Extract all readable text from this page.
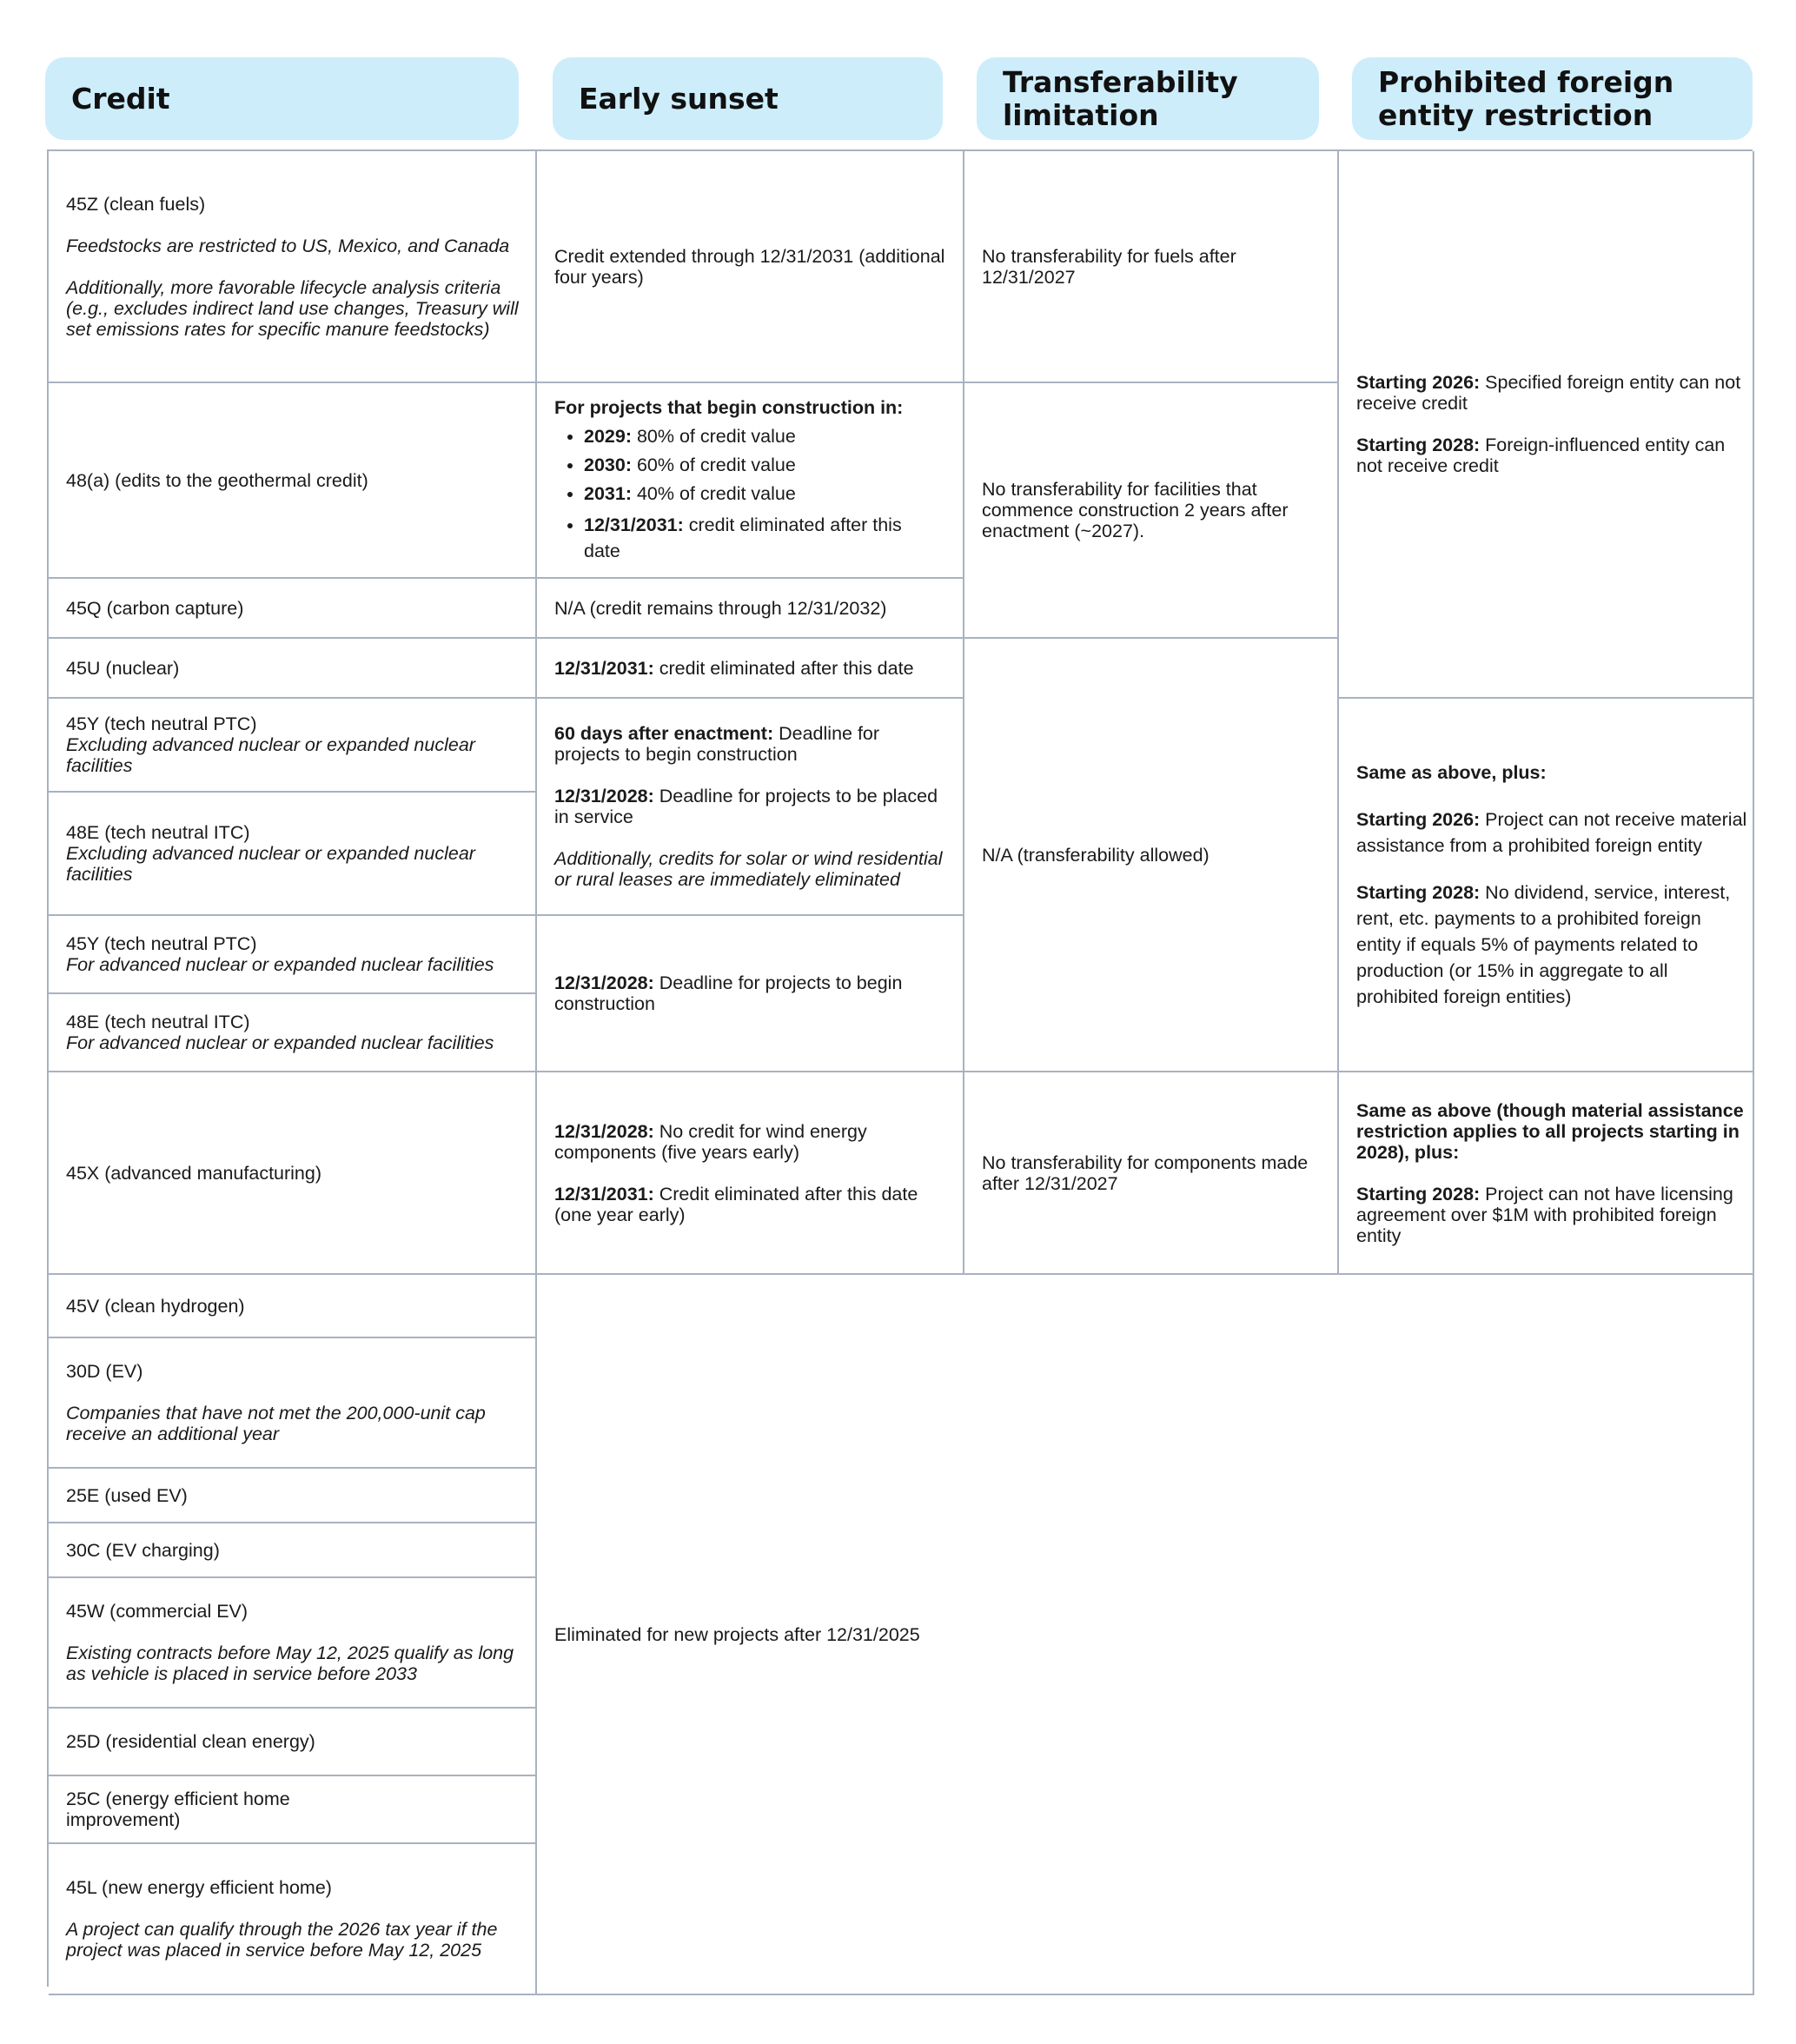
Credit	Early sunset	Transferability
limitation
Prohibited foreign
entity restriction

45Z (clean fuels)

Feedstocks are restricted to US, Mexico, and Canada

Additionally, more favorable lifecycle analysis criteria (e.g., excludes indirect land use changes, Treasury will set emissions rates for specific manure feedstocks)

48(a) (edits to the geothermal credit)

45Q (carbon capture)

45U (nuclear)

45Y (tech neutral PTC)
Excluding advanced nuclear or expanded nuclear facilities
48E (tech neutral ITC)
Excluding advanced nuclear or expanded nuclear facilities
45Y (tech neutral PTC)
For advanced nuclear or expanded nuclear facilities
48E (tech neutral ITC)
For advanced nuclear or expanded nuclear facilities

45X (advanced manufacturing)

45V (clean hydrogen)

30D (EV)

Companies that have not met the 200,000-unit cap receive an additional year

25E (used EV)

30C (EV charging)

45W (commercial EV)

Existing contracts before May 12, 2025 qualify as long as vehicle is placed in service before 2033

25D (residential clean energy)

25C (energy efficient home improvement)

45L (new energy efficient home)

A project can qualify through the 2026 tax year if the project was placed in service before May 12, 2025

Credit extended through 12/31/2031 (additional four years)

For projects that begin construction in:

• 2029: 80% of credit value
• 2030: 60% of credit value
• 2031: 40% of credit value
• 12/31/2031: credit eliminated after this date

N/A (credit remains through 12/31/2032)

12/31/2031: credit eliminated after this date

60 days after enactment: Deadline for projects to begin construction

12/31/2028: Deadline for projects to be placed in service

Additionally, credits for solar or wind residential or rural leases are immediately eliminated

12/31/2028: Deadline for projects to begin construction

12/31/2028: No credit for wind energy components (five years early)

12/31/2031: Credit eliminated after this date (one year early)

Eliminated for new projects after 12/31/2025

No transferability for fuels after 12/31/2027

No transferability for facilities that commence construction 2 years after enactment (~2027).

N/A (transferability allowed)

No transferability for components made after 12/31/2027

Starting 2026: Specified foreign entity can not receive credit

Starting 2028: Foreign-influenced entity can not receive credit

Same as above, plus:

Starting 2026: Project can not receive material assistance from a prohibited foreign entity

Starting 2028: No dividend, service, interest, rent, etc. payments to a prohibited foreign entity if equals 5% of payments related to production (or 15% in aggregate to all prohibited foreign entities)

Same as above (though material assistance restriction applies to all projects starting in 2028), plus:

Starting 2028: Project can not have licensing agreement over $1M with prohibited foreign entity
